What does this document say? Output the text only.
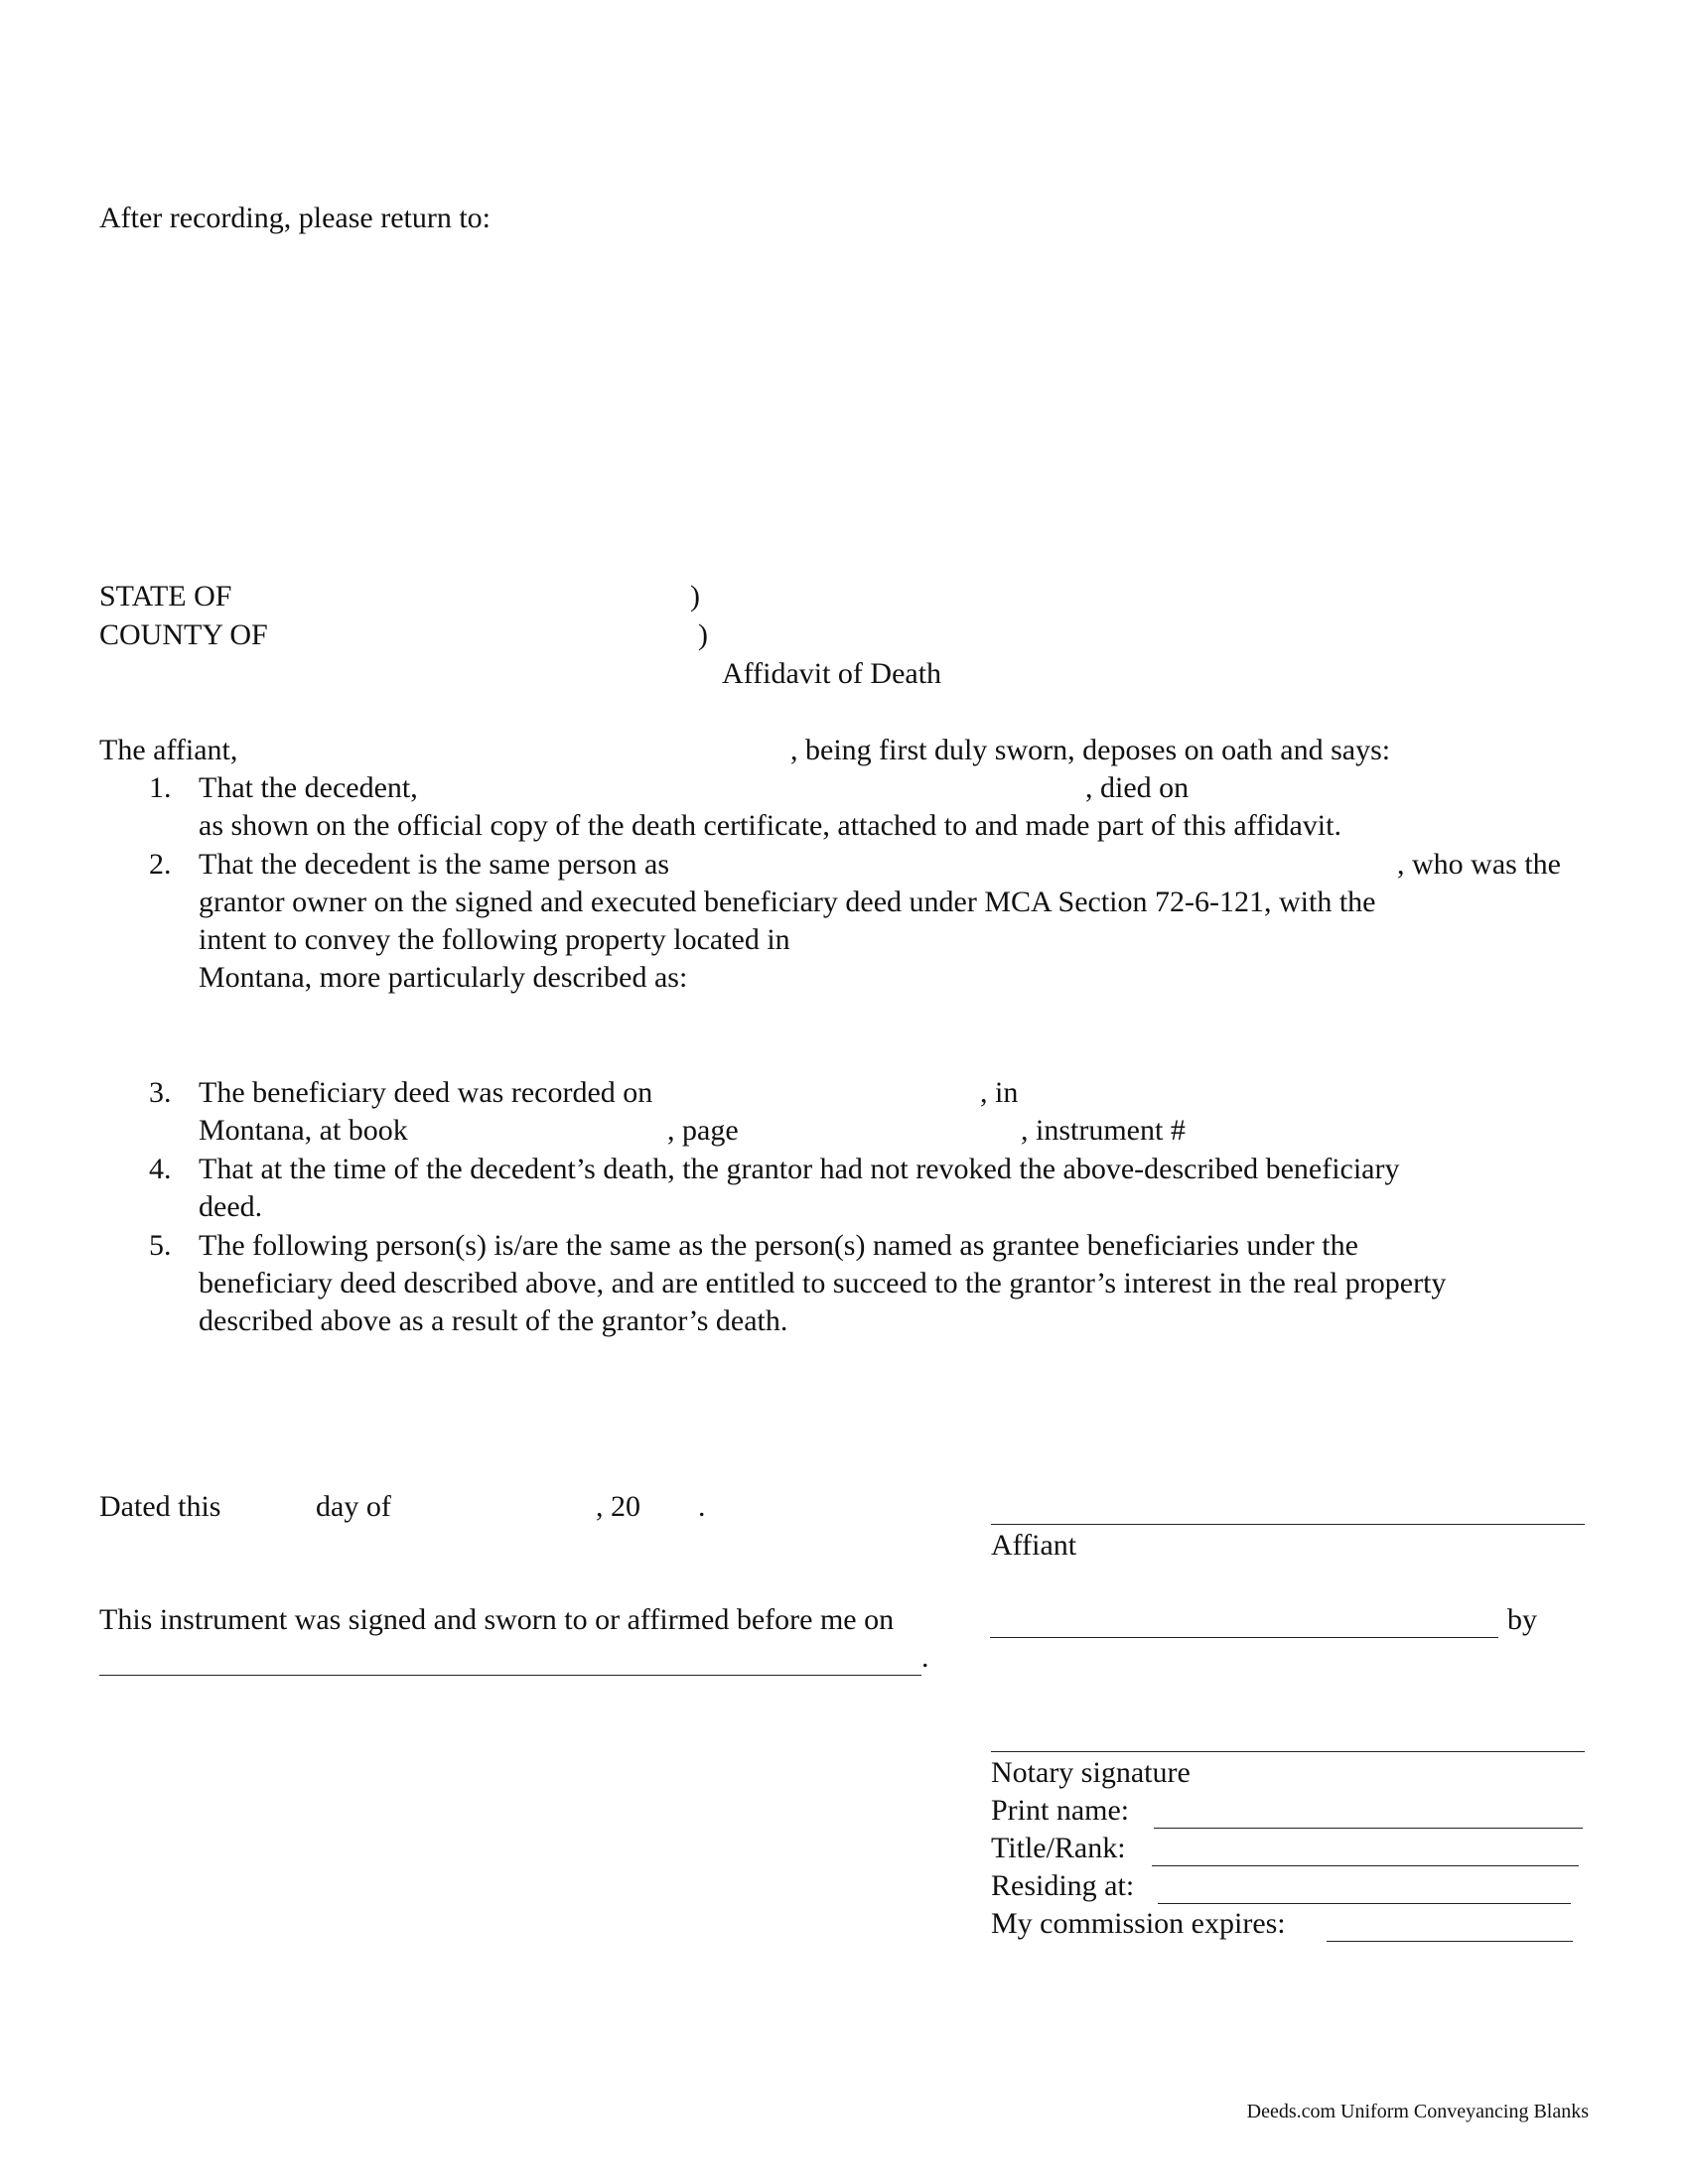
After recording, please return to:
STATE OF	)
COUNTY OF	)
Affidavit of Death
The affiant,	, being first duly sworn, deposes on oath and says:
1. That the decedent,	, died on
as shown on the official copy of the death certificate, attached to and made part of this affidavit.
2. That the decedent is the same person as	, who was the
grantor owner on the signed and executed beneficiary deed under MCA Section 72-6-121, with the
intent to convey the following property located in
Montana, more particularly described as:
3. The beneficiary deed was recorded on	, in
Montana, at book	, page	, instrument #
4. That at the time of the decedent’s death, the grantor had not revoked the above-described beneficiary
deed.
5. The following person(s) is/are the same as the person(s) named as grantee beneficiaries under the
beneficiary deed described above, and are entitled to succeed to the grantor’s interest in the real property
described above as a result of the grantor’s death.
Dated this	day of	, 20 .
Affiant
This instrument was signed and sworn to or affirmed before me on	by
.
Notary signature
Print name:
Title/Rank:
Residing at:
My commission expires:
Deeds.com Uniform Conveyancing Blanks
